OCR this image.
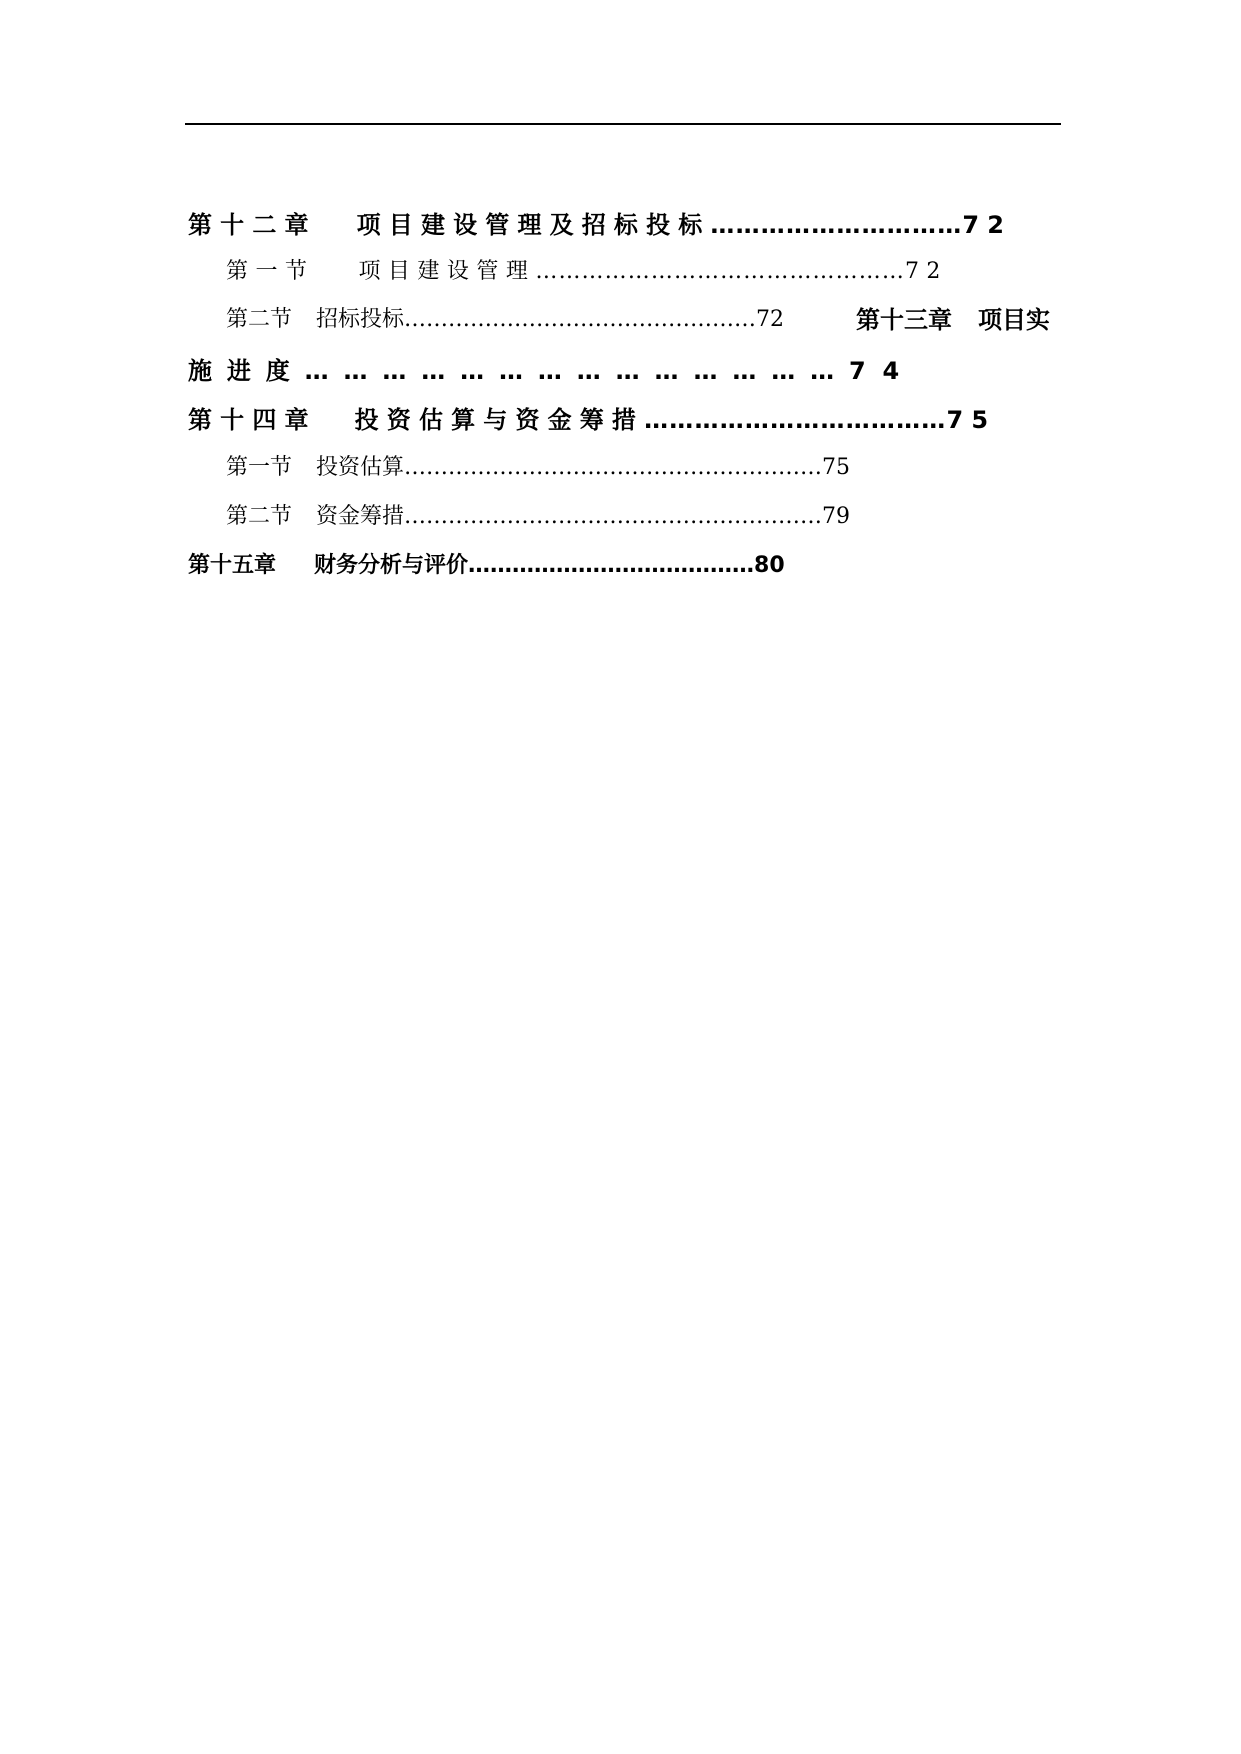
第十二章 项目建设管理及招标投标…………………………72
第一节 项目建设管理…………………………………………72
第二节 招标投标…………………………………………72	第十三章 项目实
施进度……………………………………74
第十四章 投资估算与资金筹措………………………………75
第一节 投资估算…………………………………………………75
第二节 资金筹措…………………………………………………79
第十五章 财务分析与评价…………………………………80
